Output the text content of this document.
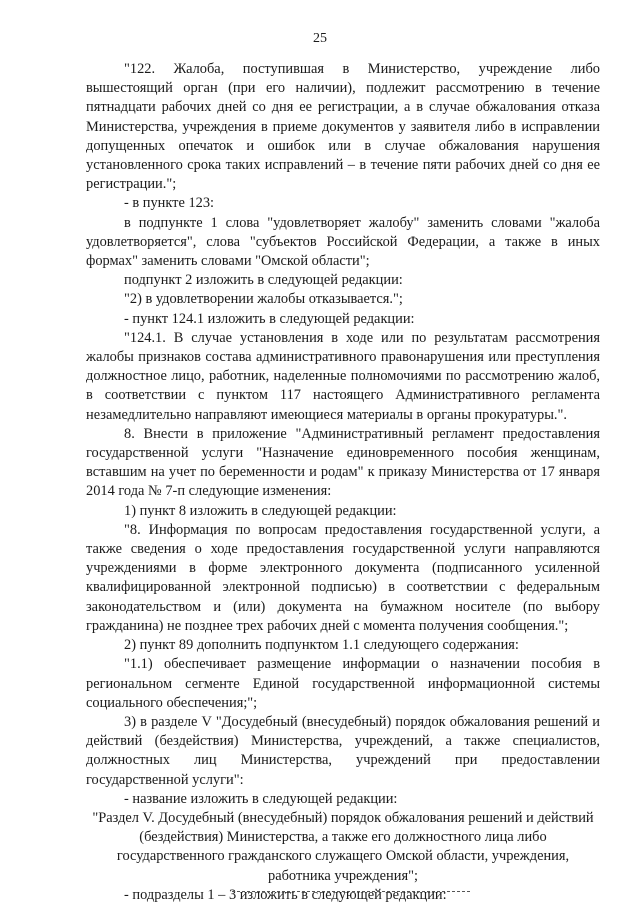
25

"122. Жалоба, поступившая в Министерство, учреждение либо вышестоящий орган (при его наличии), подлежит рассмотрению в течение пятнадцати рабочих дней со дня ее регистрации, а в случае обжалования отказа Министерства, учреждения в приеме документов у заявителя либо в исправлении допущенных опечаток и ошибок или в случае обжалования нарушения установленного срока таких исправлений – в течение пяти рабочих дней со дня ее регистрации.";

- в пункте 123:

в подпункте 1 слова "удовлетворяет жалобу" заменить словами "жалоба удовлетворяется", слова "субъектов Российской Федерации, а также в иных формах" заменить словами "Омской области";

подпункт 2 изложить в следующей редакции:

"2) в удовлетворении жалобы отказывается.";

- пункт 124.1 изложить в следующей редакции:

"124.1. В случае установления в ходе или по результатам рассмотрения жалобы признаков состава административного правонарушения или преступления должностное лицо, работник, наделенные полномочиями по рассмотрению жалоб, в соответствии с пунктом 117 настоящего Административного регламента незамедлительно направляют имеющиеся материалы в органы прокуратуры.".

8. Внести в приложение "Административный регламент предоставления государственной услуги "Назначение единовременного пособия женщинам, вставшим на учет по беременности и родам" к приказу Министерства от 17 января 2014 года № 7-п следующие изменения:

1) пункт 8 изложить в следующей редакции:

"8. Информация по вопросам предоставления государственной услуги, а также сведения о ходе предоставления государственной услуги направляются учреждениями в форме электронного документа (подписанного усиленной квалифицированной электронной подписью) в соответствии с федеральным законодательством и (или) документа на бумажном носителе (по выбору гражданина) не позднее трех рабочих дней с момента получения сообщения.";

2) пункт 89 дополнить подпунктом 1.1 следующего содержания:

"1.1) обеспечивает размещение информации о назначении пособия в региональном сегменте Единой государственной информационной системы социального обеспечения;";

3) в разделе V "Досудебный (внесудебный) порядок обжалования решений и действий (бездействия) Министерства, учреждений, а также специалистов, должностных лиц Министерства, учреждений при предоставлении государственной услуги":

- название изложить в следующей редакции:

"Раздел V. Досудебный (внесудебный) порядок обжалования решений и действий (бездействия) Министерства, а также его должностного лица либо государственного гражданского служащего Омской области, учреждения, работника учреждения";

- подразделы 1 – 3 изложить в следующей редакции:
